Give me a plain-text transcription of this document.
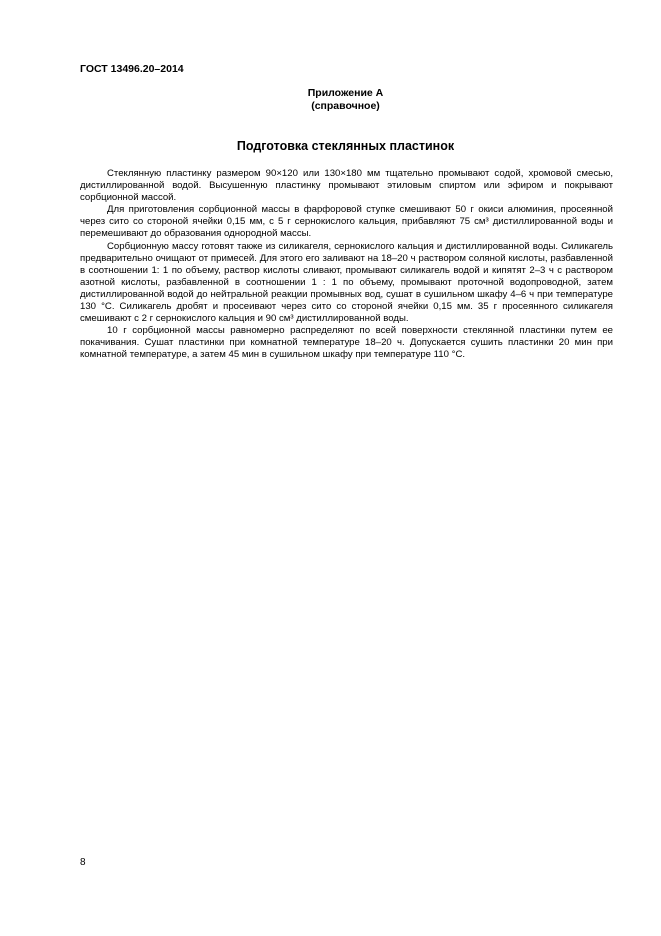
ГОСТ 13496.20–2014

Приложение А
(справочное)
Подготовка стеклянных пластинок

Стеклянную пластинку размером 90×120 или 130×180 мм тщательно промывают содой, хромовой смесью, дистиллированной водой. Высушенную пластинку промывают этиловым спиртом или эфиром и покрывают сорбционной массой.

Для приготовления сорбционной массы в фарфоровой ступке смешивают 50 г окиси алюминия, просеянной через сито со стороной ячейки 0,15 мм, с 5 г сернокислого кальция, прибавляют 75 см³ дистиллированной воды и перемешивают до образования однородной массы.

Сорбционную массу готовят также из силикагеля, сернокислого кальция и дистиллированной воды. Силикагель предварительно очищают от примесей. Для этого его заливают на 18–20 ч раствором соляной кислоты, разбавленной в соотношении 1: 1 по объему, раствор кислоты сливают, промывают силикагель водой и кипятят 2–3 ч с раствором азотной кислоты, разбавленной в соотношении 1 : 1 по объему, промывают проточной водопроводной, затем дистиллированной водой до нейтральной реакции промывных вод, сушат в сушильном шкафу 4–6 ч при температуре 130 °С. Силикагель дробят и просеивают через сито со стороной ячейки 0,15 мм. 35 г просеянного силикагеля смешивают с 2 г сернокислого кальция и 90 см³ дистиллированной воды.

10 г сорбционной массы равномерно распределяют по всей поверхности стеклянной пластинки путем ее покачивания. Сушат пластинки при комнатной температуре 18–20 ч. Допускается сушить пластинки 20 мин при комнатной температуре, а затем 45 мин в сушильном шкафу при температуре 110 °С.

8
